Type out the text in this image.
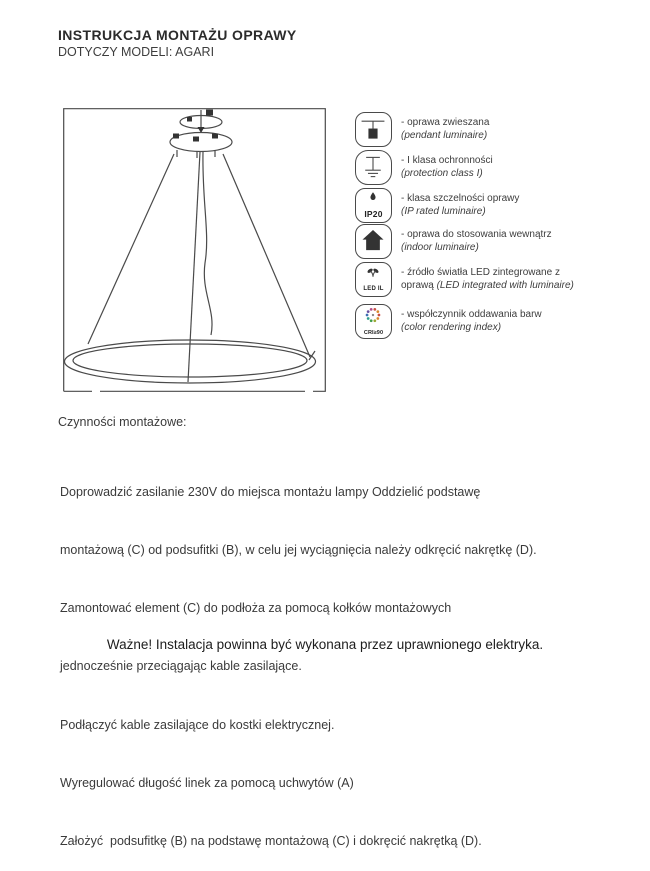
INSTRUKCJA MONTAŻU OPRAWY
DOTYCZY MODELI: AGARI
- oprawa zwieszana
(pendant luminaire)
- I klasa ochronności
(protection class I)
IP20
- klasa szczelności oprawy
(IP rated luminaire)
- oprawa do stosowania wewnątrz (indoor luminaire)
LED IL
- źródło światła LED zintegrowane z oprawą (LED integrated with luminaire)
CRI≥90
- współczynnik oddawania barw
(color rendering index)
Czynności montażowe:

Doprowadzić zasilanie 230V do miejsca montażu lampy Oddzielić podstawę

montażową (C) od podsufitki (B), w celu jej wyciągnięcia należy odkręcić nakrętkę (D).

Zamontować element (C) do podłoża za pomocą kołków montażowych

jednocześnie przeciągając kable zasilające.

Podłączyć kable zasilające do kostki elektrycznej.

Wyregulować długość linek za pomocą uchwytów (A)

Założyć  podsufitkę (B) na podstawę montażową (C) i dokręcić nakrętką (D).

Ważne! Instalacja powinna być wykonana przez uprawnionego elektryka.
